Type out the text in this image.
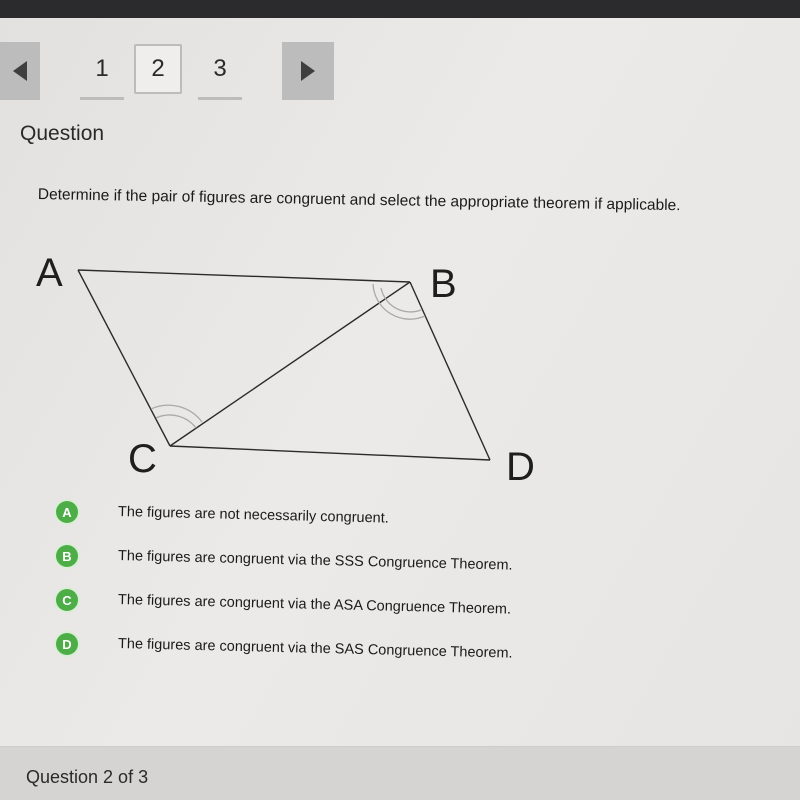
1 2 3
Question
Determine if the pair of figures are congruent and select the appropriate theorem if applicable.
A	B
C	D
A	The figures are not necessarily congruent.
B	The figures are congruent via the SSS Congruence Theorem.
C	The figures are congruent via the ASA Congruence Theorem.
D	The figures are congruent via the SAS Congruence Theorem.
Question 2 of 3
